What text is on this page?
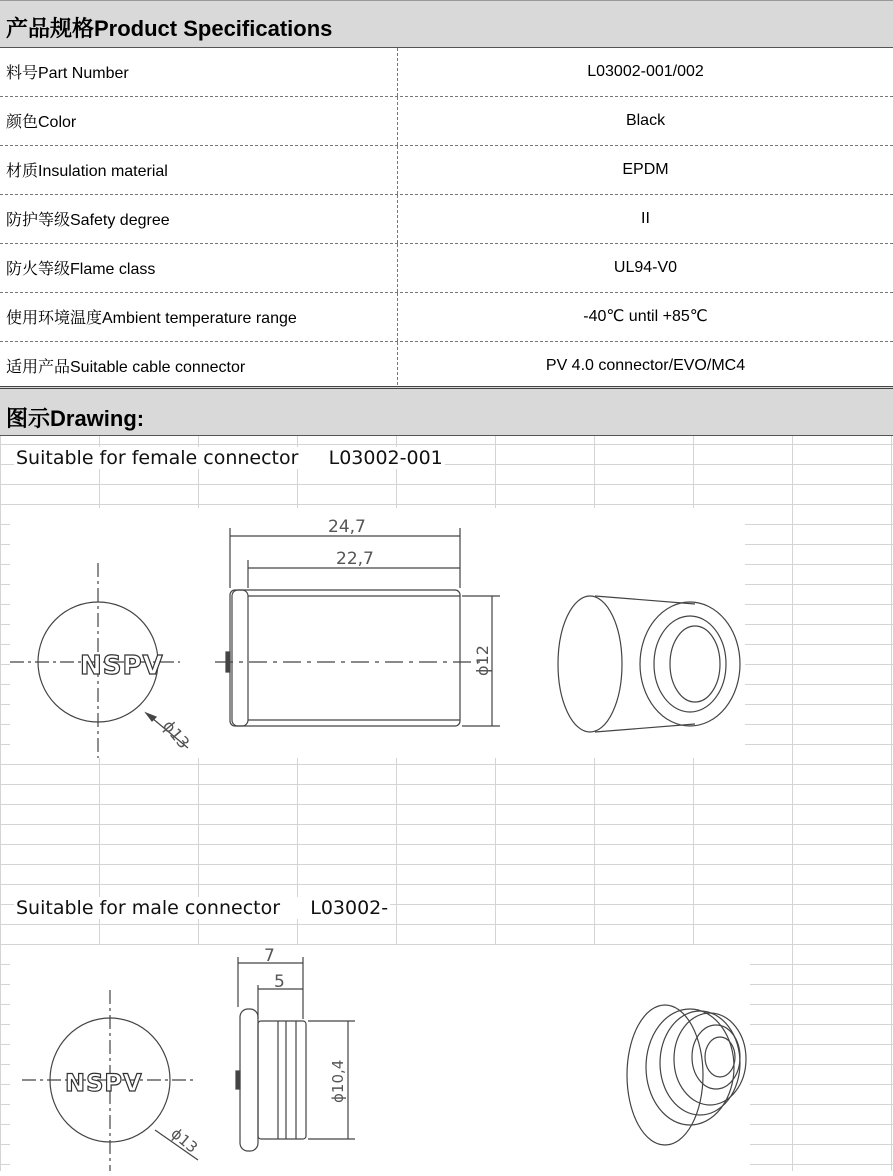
产品规格Product Specifications
料号Part Number	L03002-001/002
颜色Color	Black
材质Insulation material	EPDM
防护等级Safety degree	II
防火等级Flame class	UL94-V0
使用环境温度Ambient temperature range	-40℃ until +85℃
适用产品Suitable cable connector	PV 4.0 connector/EVO/MC4
图示Drawing:
Suitable for female connector     L03002-001
NSPV
24,7
22,7
ϕ12
ϕ13
Suitable for male connector     L03002-
NSPV
7
5
ϕ10,4
ϕ13
